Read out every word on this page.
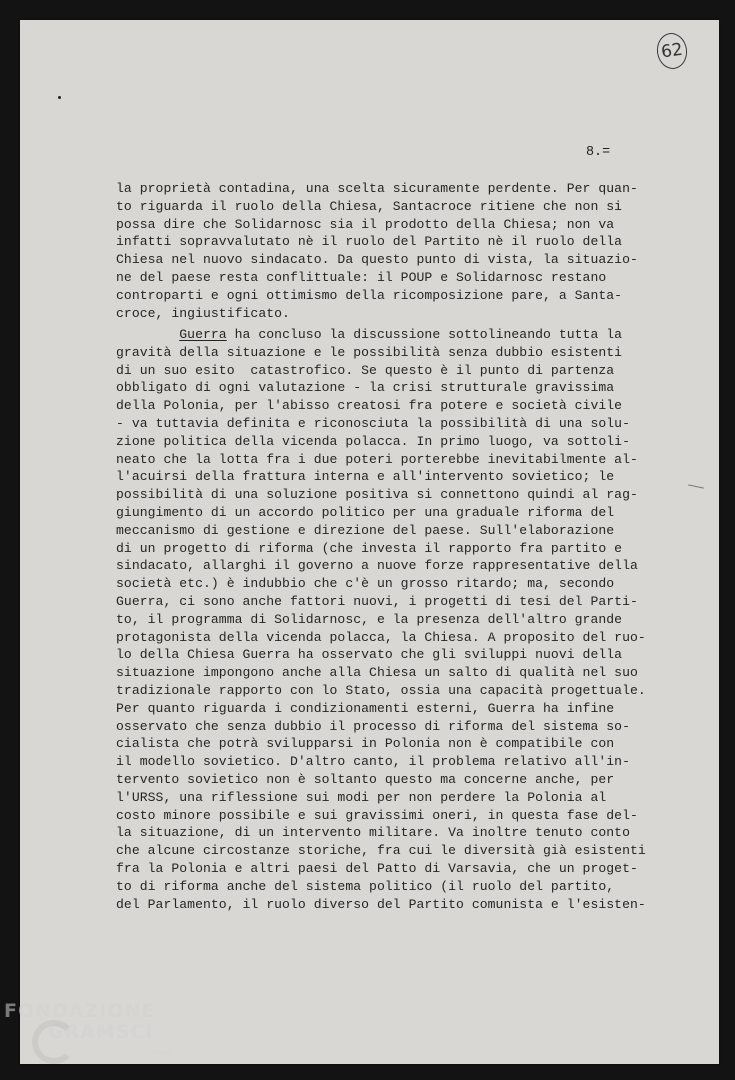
62
8.=
la proprietà contadina, una scelta sicuramente perdente. Per quan-
to riguarda il ruolo della Chiesa, Santacroce ritiene che non si
possa dire che Solidarnosc sia il prodotto della Chiesa; non va
infatti sopravvalutato nè il ruolo del Partito nè il ruolo della
Chiesa nel nuovo sindacato. Da questo punto di vista, la situazio-
ne del paese resta conflittuale: il POUP e Solidarnosc restano
controparti e ogni ottimismo della ricomposizione pare, a Santa-
croce, ingiustificato.
Guerra ha concluso la discussione sottolineando tutta la
gravità della situazione e le possibilità senza dubbio esistenti
di un suo esito  catastrofico. Se questo è il punto di partenza
obbligato di ogni valutazione - la crisi strutturale gravissima
della Polonia, per l'abisso creatosi fra potere e società civile
- va tuttavia definita e riconosciuta la possibilità di una solu-
zione politica della vicenda polacca. In primo luogo, va sottoli-
neato che la lotta fra i due poteri porterebbe inevitabilmente al-
l'acuirsi della frattura interna e all'intervento sovietico; le
possibilità di una soluzione positiva si connettono quindi al rag-
giungimento di un accordo politico per una graduale riforma del
meccanismo di gestione e direzione del paese. Sull'elaborazione
di un progetto di riforma (che investa il rapporto fra partito e
sindacato, allarghi il governo a nuove forze rappresentative della
società etc.) è indubbio che c'è un grosso ritardo; ma, secondo
Guerra, ci sono anche fattori nuovi, i progetti di tesi del Parti-
to, il programma di Solidarnosc, e la presenza dell'altro grande
protagonista della vicenda polacca, la Chiesa. A proposito del ruo-
lo della Chiesa Guerra ha osservato che gli sviluppi nuovi della
situazione impongono anche alla Chiesa un salto di qualità nel suo
tradizionale rapporto con lo Stato, ossia una capacità progettuale.
Per quanto riguarda i condizionamenti esterni, Guerra ha infine
osservato che senza dubbio il processo di riforma del sistema so-
cialista che potrà svilupparsi in Polonia non è compatibile con
il modello sovietico. D'altro canto, il problema relativo all'in-
tervento sovietico non è soltanto questo ma concerne anche, per
l'URSS, una riflessione sui modi per non perdere la Polonia al
costo minore possibile e sui gravissimi oneri, in questa fase del-
la situazione, di un intervento militare. Va inoltre tenuto conto
che alcune circostanze storiche, fra cui le diversità già esistenti
fra la Polonia e altri paesi del Patto di Varsavia, che un proget-
to di riforma anche del sistema politico (il ruolo del partito,
del Parlamento, il ruolo diverso del Partito comunista e l'esisten-
FONDAZIONE
GRAMSCI
onlus
